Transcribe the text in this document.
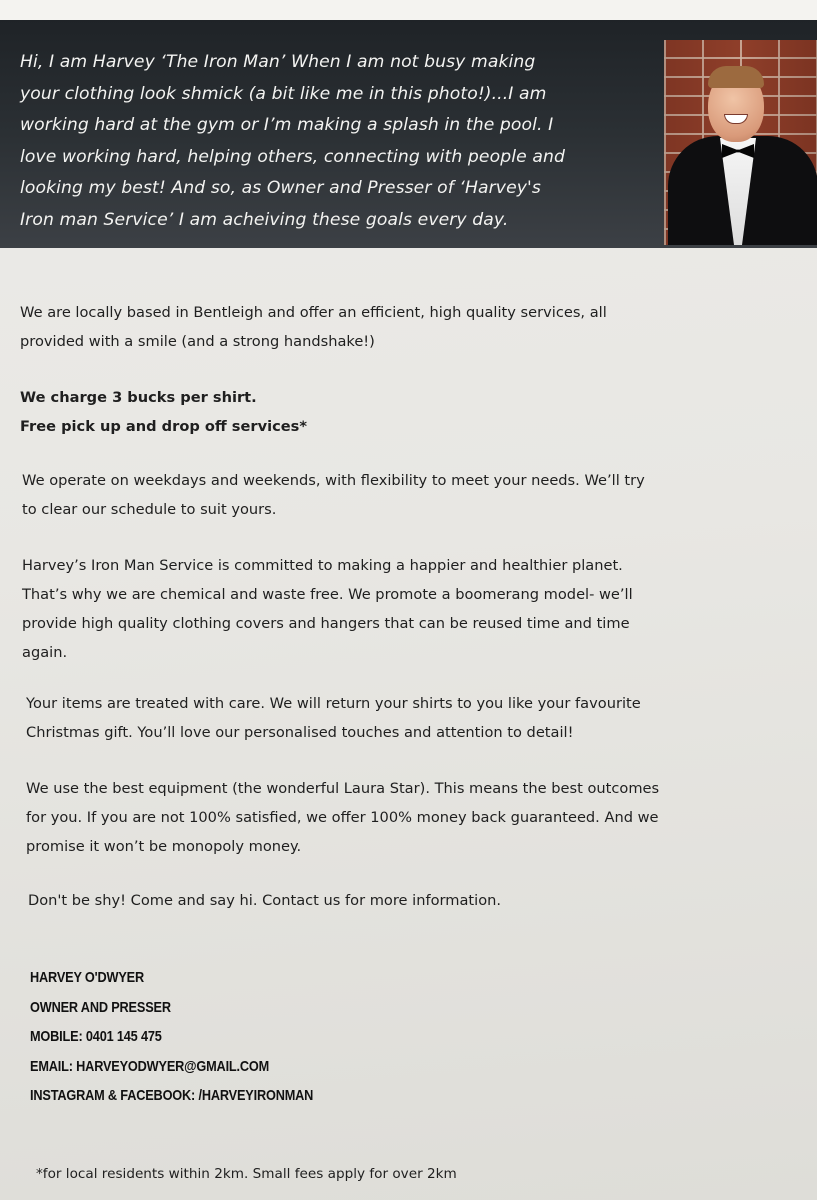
Hi, I am Harvey ‘The Iron Man’ When I am not busy making
your clothing look shmick (a bit like me in this photo!)...I am
working hard at the gym or I’m making a splash in the pool. I
love working hard, helping others, connecting with people and
looking my best! And so, as Owner and Presser of ‘Harvey's
Iron man Service’ I am acheiving these goals every day.
We are locally based in Bentleigh and offer an efficient, high quality services, all
provided with a smile (and a strong handshake!)
We charge 3 bucks per shirt.
Free pick up and drop off services*
We operate on weekdays and weekends, with flexibility to meet your needs. We’ll try
to clear our schedule to suit yours.
Harvey’s Iron Man Service is committed to making a happier and healthier planet.
That’s why we are chemical and waste free. We promote a boomerang model- we’ll
provide high quality clothing covers and hangers that can be reused time and time
again.
Your items are treated with care. We will return your shirts to you like your favourite
Christmas gift. You’ll love our personalised touches and attention to detail!
We use the best equipment (the wonderful Laura Star). This means the best outcomes
for you. If you are not 100% satisfied, we offer 100% money back guaranteed. And we
promise it won’t be monopoly money.
Don't be shy! Come and say hi. Contact us for more information.
HARVEY O'DWYER
OWNER AND PRESSER
MOBILE: 0401 145 475
EMAIL: HARVEYODWYER@GMAIL.COM
INSTAGRAM & FACEBOOK: /HARVEYIRONMAN
*for local residents within 2km. Small fees apply for over 2km
